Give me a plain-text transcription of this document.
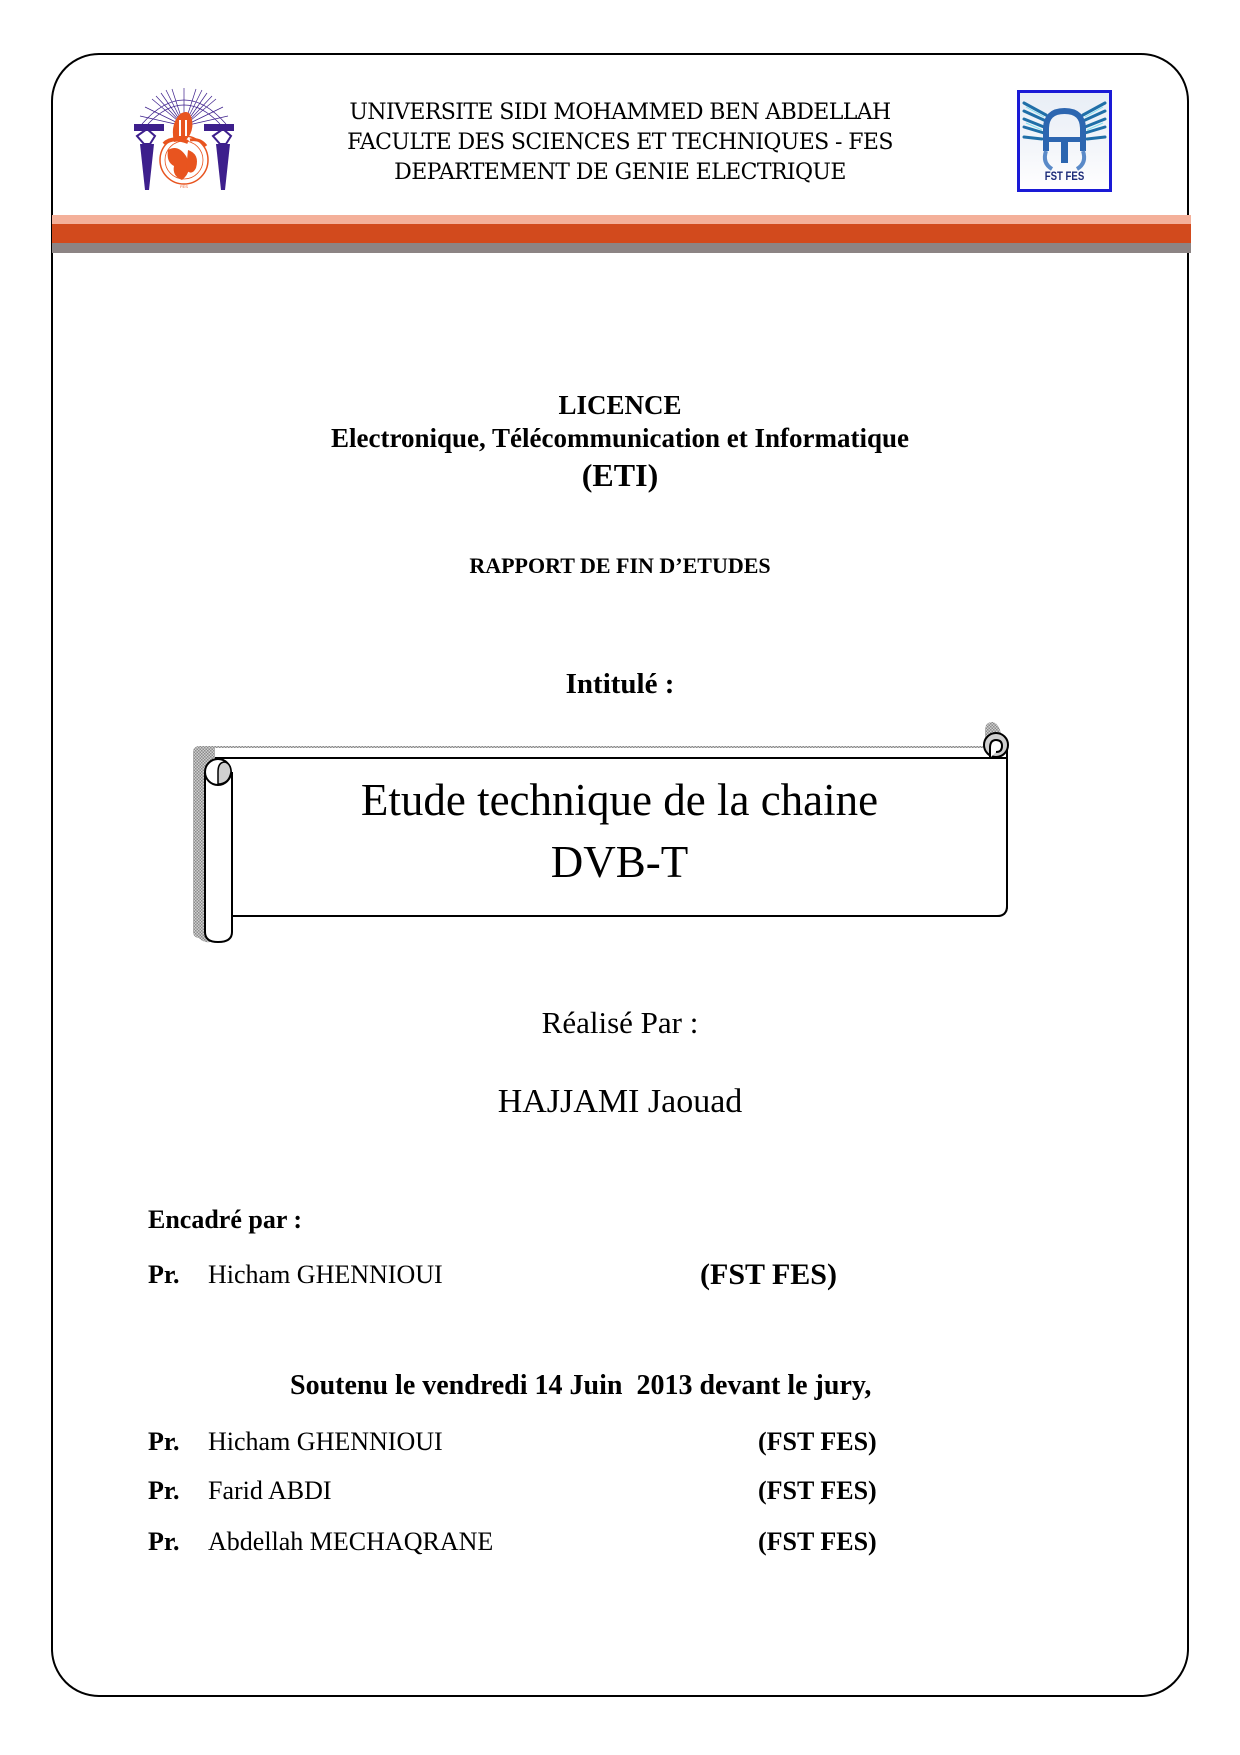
FES
UNIVERSITE SIDI MOHAMMED BEN ABDELLAH
FACULTE DES SCIENCES ET TECHNIQUES - FES
DEPARTEMENT DE GENIE ELECTRIQUE	FST FES
LICENCE
Electronique, Télécommunication et Informatique
(ETI)
RAPPORT DE FIN D’ETUDES
Intitulé :
Etude technique de la chaine
DVB-T
Réalisé Par :
HAJJAMI Jaouad
Encadré par :
Pr. Hicham GHENNIOUI	(FST FES)
Soutenu le vendredi 14 Juin  2013 devant le jury,
Pr. Hicham GHENNIOUI	(FST FES)
Pr. Farid ABDI	(FST FES)
Pr. Abdellah MECHAQRANE	(FST FES)
